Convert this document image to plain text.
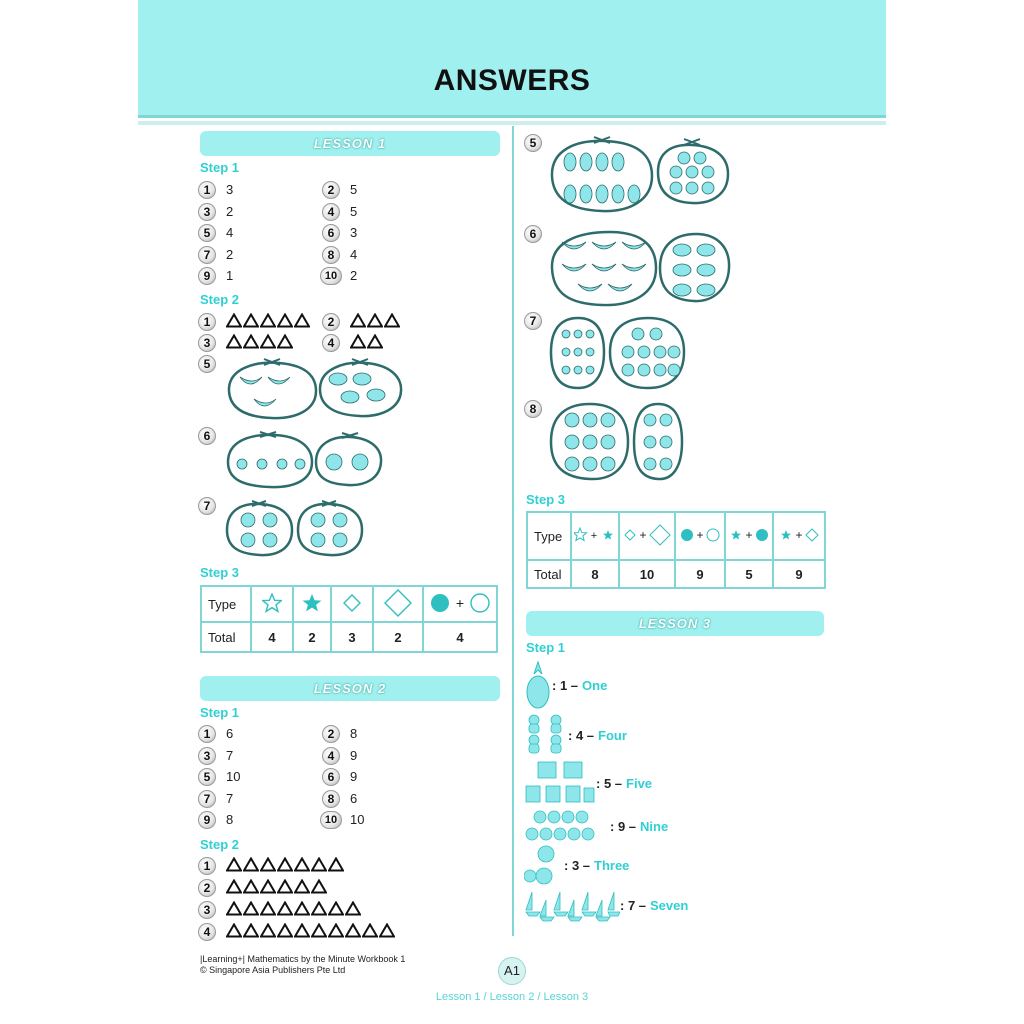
ANSWERS
LESSON 1
Step 1
1	3	2	5
3	2	4	5
5	4	6	3
7	2	8	4
9	1	10 2
Step 2
1	2
3	4
5
6
7
Step 3
Type					+

Total	4	2	3	2	4
LESSON 2
Step 1
1	6	2	8
3	7	4	9
5	10	6	9
7	7	8	6
9	8	10 10
Step 2
1
2
3
4
5
6
7
8
Step 3
Type	+	+	+	+	+

Total	8	10	9	5	9
LESSON 3
Step 1
: 1 – One
: 4 – Four
: 5 – Five
: 9 – Nine
: 3 – Three
: 7 – Seven
|Learning+| Mathematics by the Minute Workbook 1
© Singapore Asia Publishers Pte Ltd	A1
Lesson 1 / Lesson 2 / Lesson 3
